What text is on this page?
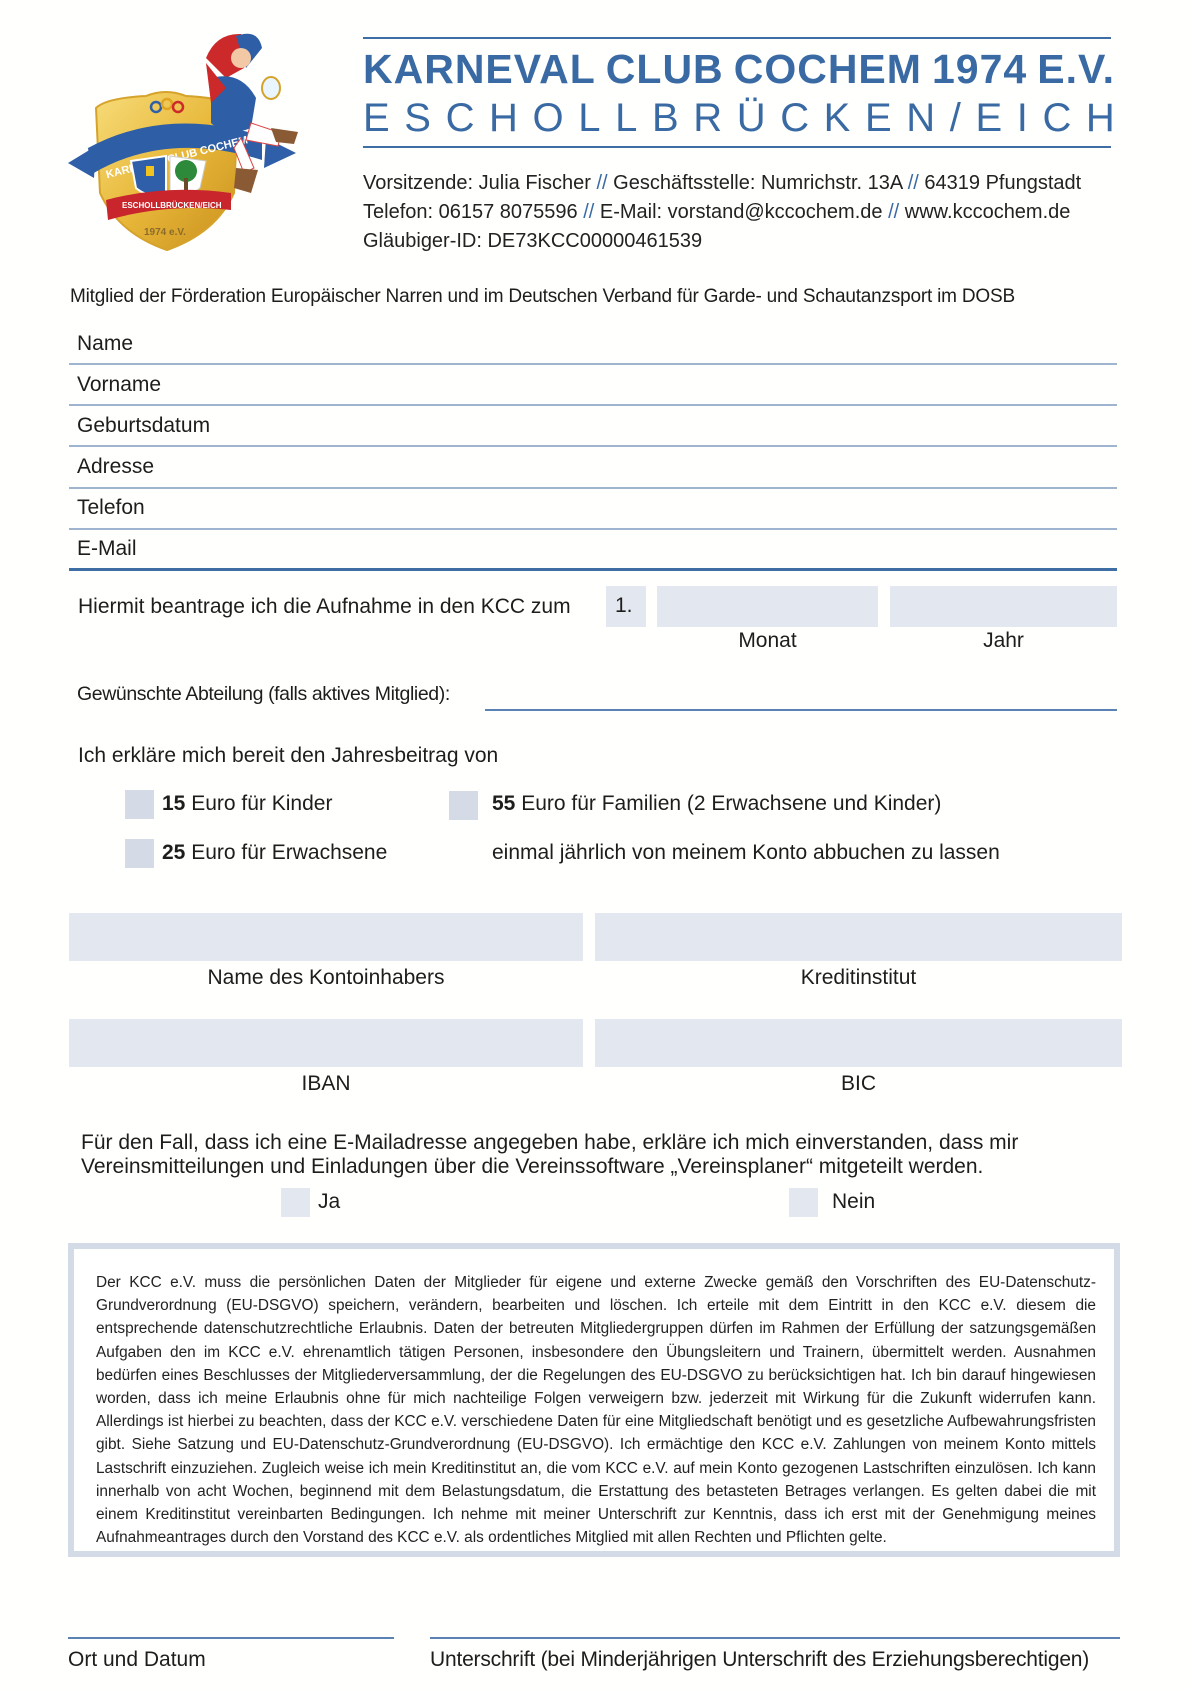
CLUB COCHEM
ESCHOLLBRÜCKEN/EICH
1974 e.V.
KARNEVAL CLUB COCHEM 1974 E.V.
E S C H O L L B R Ü C K E N / E I C H
Vorsitzende: Julia Fischer // Geschäftsstelle: Numrichstr. 13A // 64319 Pfungstadt
Telefon: 06157 8075596 // E-Mail: vorstand@kccochem.de // www.kccochem.de
Gläubiger-ID: DE73KCC00000461539
Mitglied der Förderation Europäischer Narren und im Deutschen Verband für Garde- und Schautanzsport im DOSB
Name
Vorname
Geburtsdatum
Adresse
Telefon
E-Mail
Hiermit beantrage ich die Aufnahme in den KCC zum 1.
Monat	Jahr
Gewünschte Abteilung (falls aktives Mitglied):
Ich erkläre mich bereit den Jahresbeitrag von
15 Euro für Kinder	55 Euro für Familien (2 Erwachsene und Kinder)
25 Euro für Erwachsene	einmal jährlich von meinem Konto abbuchen zu lassen
Name des Kontoinhabers	Kreditinstitut
IBAN	BIC
Für den Fall, dass ich eine E-Mailadresse angegeben habe, erkläre ich mich einverstanden, dass mir
Vereinsmitteilungen und Einladungen über die Vereinssoftware „Vereinsplaner“ mitgeteilt werden.
Ja	Nein
Der KCC e.V. muss die persönlichen Daten der Mitglieder für eigene und externe Zwecke gemäß den Vorschriften des EU-Datenschutz-Grundverordnung (EU-DSGVO) speichern, verändern, bearbeiten und löschen. Ich erteile mit dem Eintritt in den KCC e.V. diesem die entsprechende datenschutzrechtliche Erlaubnis. Daten der betreuten Mitgliedergruppen dürfen im Rahmen der Erfüllung der satzungsgemäßen Aufgaben den im KCC e.V. ehrenamtlich tätigen Personen, insbesondere den Übungsleitern und Trainern, übermittelt werden. Ausnahmen bedürfen eines Beschlusses der Mitgliederversammlung, der die Regelungen des EU-DSGVO zu berücksichtigen hat. Ich bin darauf hingewiesen worden, dass ich meine Erlaubnis ohne für mich nachteilige Folgen verweigern bzw. jederzeit mit Wirkung für die Zukunft widerrufen kann. Allerdings ist hierbei zu beachten, dass der KCC e.V. verschiedene Daten für eine Mitgliedschaft benötigt und es gesetzliche Aufbewahrungsfristen gibt. Siehe Satzung und EU-Datenschutz-Grundverordnung (EU-DSGVO). Ich ermächtige den KCC e.V. Zahlungen von meinem Konto mittels Lastschrift einzuziehen. Zugleich weise ich mein Kreditinstitut an, die vom KCC e.V. auf mein Konto gezogenen Lastschriften einzulösen. Ich kann innerhalb von acht Wochen, beginnend mit dem Belastungsdatum, die Erstattung des betasteten Betrages verlangen. Es gelten dabei die mit einem Kreditinstitut vereinbarten Bedingungen. Ich nehme mit meiner Unterschrift zur Kenntnis, dass ich erst mit der Genehmigung meines Aufnahmeantrages durch den Vorstand des KCC e.V. als ordentliches Mitglied mit allen Rechten und Pflichten gelte.
Ort und Datum	Unterschrift (bei Minderjährigen Unterschrift des Erziehungsberechtigen)
